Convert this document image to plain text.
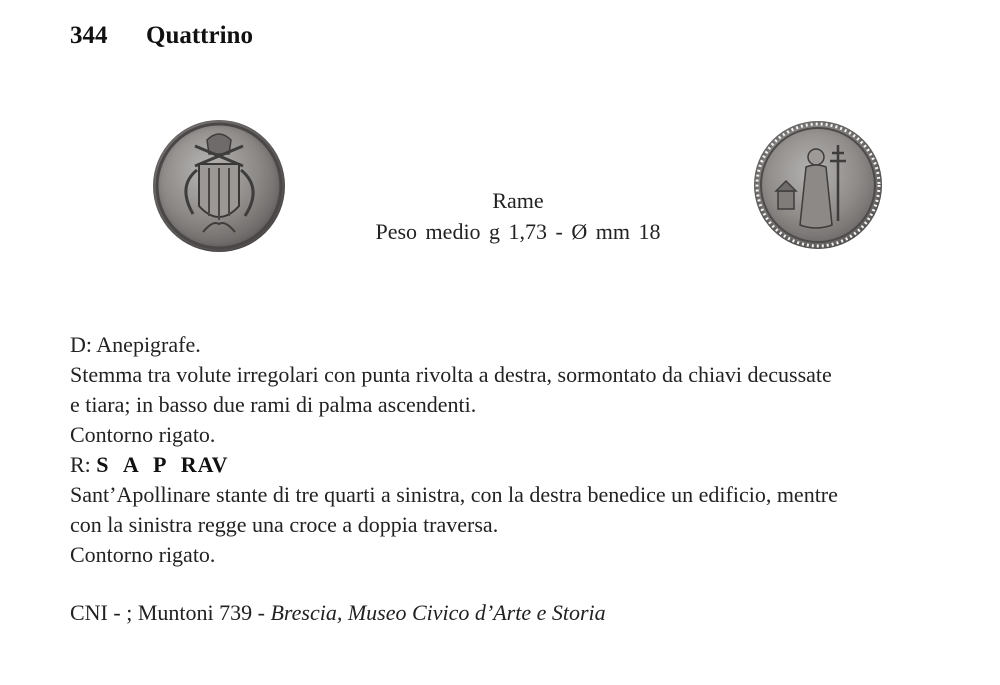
344 Quattrino
Rame
Peso medio g 1,73 - Ø mm 18

D: Anepigrafe.

Stemma tra volute irregolari con punta rivolta a destra, sormontato da chiavi decussate

e tiara; in basso due rami di palma ascendenti.

Contorno rigato.

R: S A P RAV

Sant’Apollinare stante di tre quarti a sinistra, con la destra benedice un edificio, mentre

con la sinistra regge una croce a doppia traversa.

Contorno rigato.

CNI - ; Muntoni 739 - Brescia, Museo Civico d’Arte e Storia
